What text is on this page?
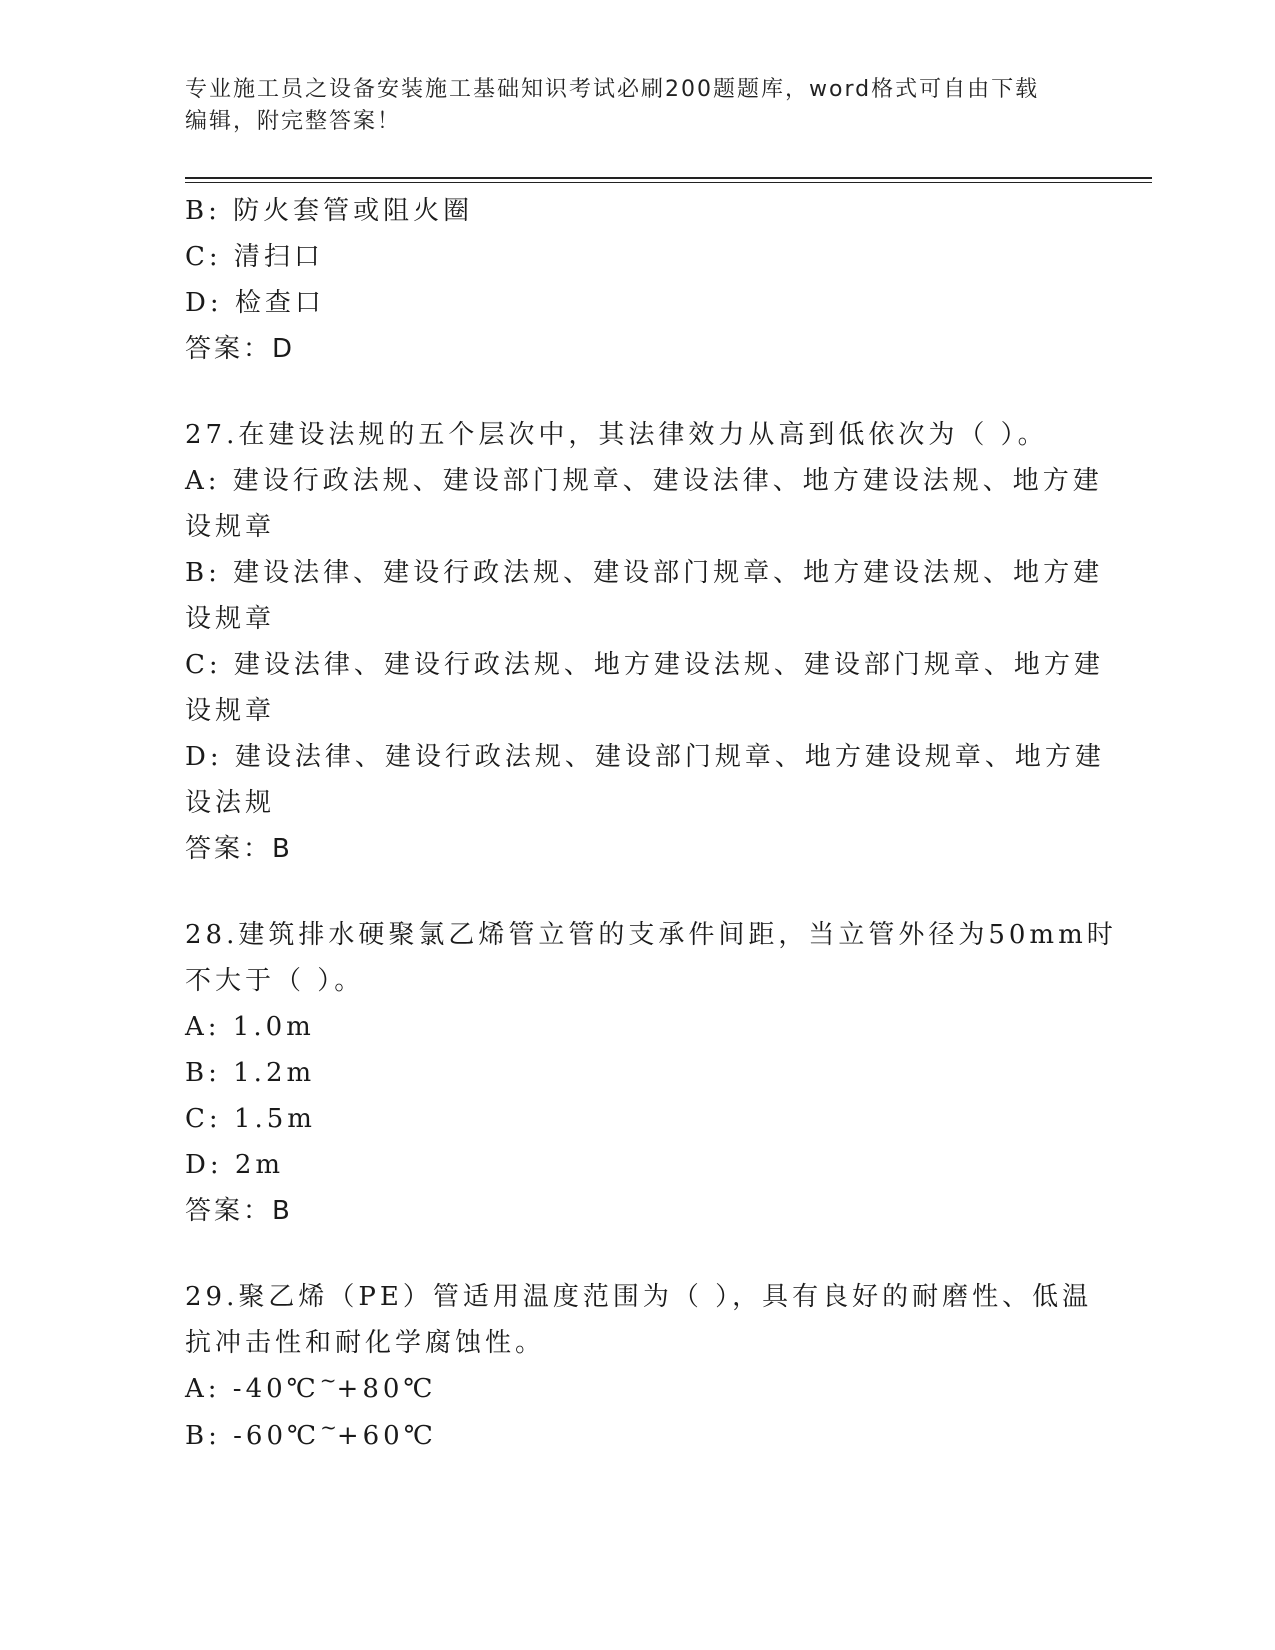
专业施工员之设备安装施工基础知识考试必刷200题题库，word格式可自由下载
编辑，附完整答案！

B: 防火套管或阻火圈

C: 清扫口

D: 检查口

答案：D

27.在建设法规的五个层次中，其法律效力从高到低依次为（ ）。

A: 建设行政法规、建设部门规章、建设法律、地方建设法规、地方建

设规章

B: 建设法律、建设行政法规、建设部门规章、地方建设法规、地方建

设规章

C: 建设法律、建设行政法规、地方建设法规、建设部门规章、地方建

设规章

D: 建设法律、建设行政法规、建设部门规章、地方建设规章、地方建

设法规

答案：B

28.建筑排水硬聚氯乙烯管立管的支承件间距，当立管外径为50mm时

不大于（ ）。

A: 1.0m

B: 1.2m

C: 1.5m

D: 2m

答案：B

29.聚乙烯（PE）管适用温度范围为（ ），具有良好的耐磨性、低温

抗冲击性和耐化学腐蚀性。

A: -40℃~+80℃

B: -60℃~+60℃
